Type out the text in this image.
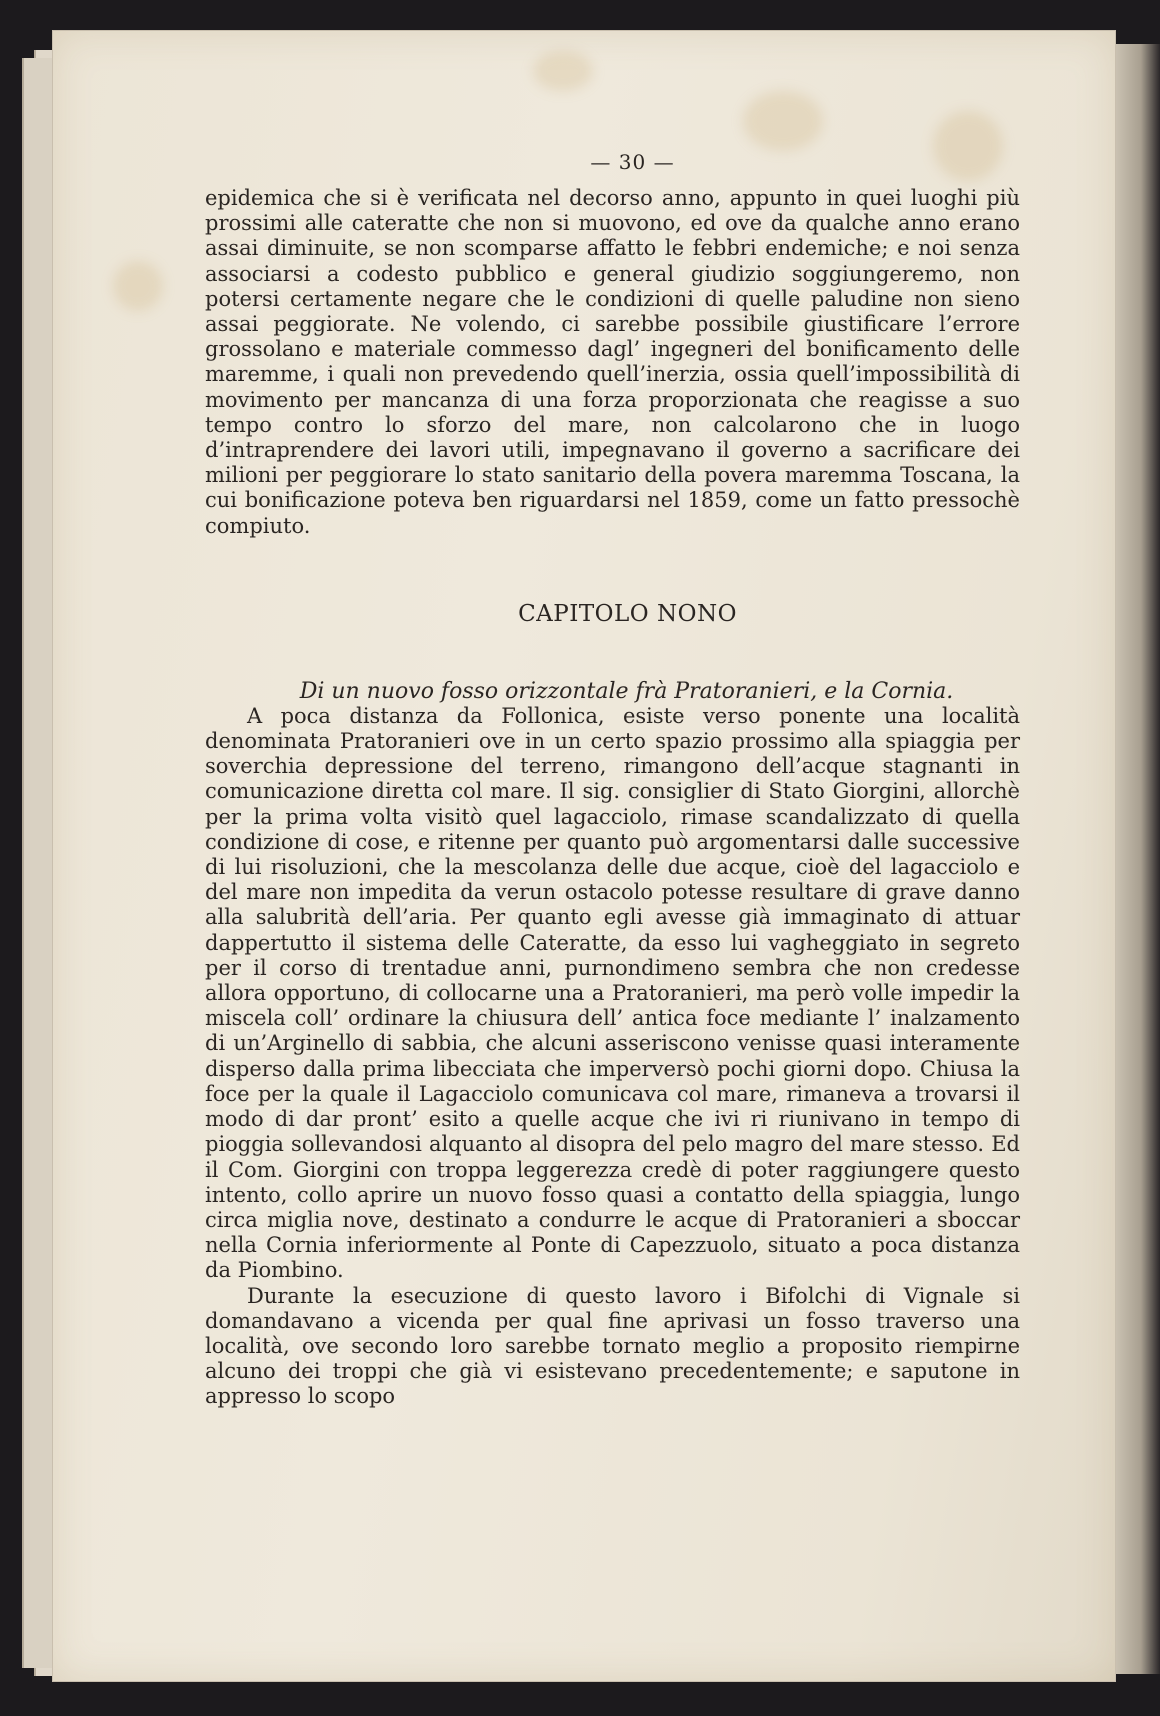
— 30 —

epidemica che si è verificata nel decorso anno, appunto in quei luoghi più prossimi alle cateratte che non si muovono, ed ove da qualche anno erano assai diminuite, se non scomparse affatto le febbri endemiche; e noi senza associarsi a codesto pubblico e general giudizio soggiungeremo, non potersi certamente negare che le condizioni di quelle paludine non sieno assai peggiorate. Ne volendo, ci sarebbe possibile giustificare l’errore grossolano e materiale commesso dagl’ ingegneri del bonificamento delle maremme, i quali non prevedendo quell’inerzia, ossia quell’impossibilità di movimento per mancanza di una forza proporzionata che reagisse a suo tempo contro lo sforzo del mare, non calcolarono che in luogo d’intraprendere dei lavori utili, impegnavano il governo a sacrificare dei milioni per peggiorare lo stato sanitario della povera maremma Toscana, la cui bonificazione poteva ben riguardarsi nel 1859, come un fatto pressochè compiuto.

CAPITOLO NONO
Di un nuovo fosso orizzontale frà Pratoranieri, e la Cornia.

A poca distanza da Follonica, esiste verso ponente una località denominata Pratoranieri ove in un certo spazio prossimo alla spiaggia per soverchia depressione del terreno, rimangono dell’acque stagnanti in comunicazione diretta col mare. Il sig. consiglier di Stato Giorgini, allorchè per la prima volta visitò quel lagacciolo, rimase scandalizzato di quella condizione di cose, e ritenne per quanto può argomentarsi dalle successive di lui risoluzioni, che la mescolanza delle due acque, cioè del lagacciolo e del mare non impedita da verun ostacolo potesse resultare di grave danno alla salubrità dell’aria. Per quanto egli avesse già immaginato di attuar dappertutto il sistema delle Cateratte, da esso lui vagheggiato in segreto per il corso di trentadue anni, purnondimeno sembra che non credesse allora opportuno, di collocarne una a Pratoranieri, ma però volle impedir la miscela coll’ ordinare la chiusura dell’ antica foce mediante l’ inalzamento di un’Arginello di sabbia, che alcuni asseriscono venisse quasi interamente disperso dalla prima libecciata che imperversò pochi giorni dopo. Chiusa la foce per la quale il Lagacciolo comunicava col mare, rimaneva a trovarsi il modo di dar pront’ esito a quelle acque che ivi ri riunivano in tempo di pioggia sollevandosi alquanto al disopra del pelo magro del mare stesso. Ed il Com. Giorgini con troppa leggerezza credè di poter raggiungere questo intento, collo aprire un nuovo fosso quasi a contatto della spiaggia, lungo circa miglia nove, destinato a condurre le acque di Pratoranieri a sboccar nella Cornia inferiormente al Ponte di Capezzuolo, situato a poca distanza da Piombino.

Durante la esecuzione di questo lavoro i Bifolchi di Vignale si domandavano a vicenda per qual fine aprivasi un fosso traverso una località, ove secondo loro sarebbe tornato meglio a proposito riempirne alcuno dei troppi che già vi esistevano precedentemente; e saputone in appresso lo scopo
